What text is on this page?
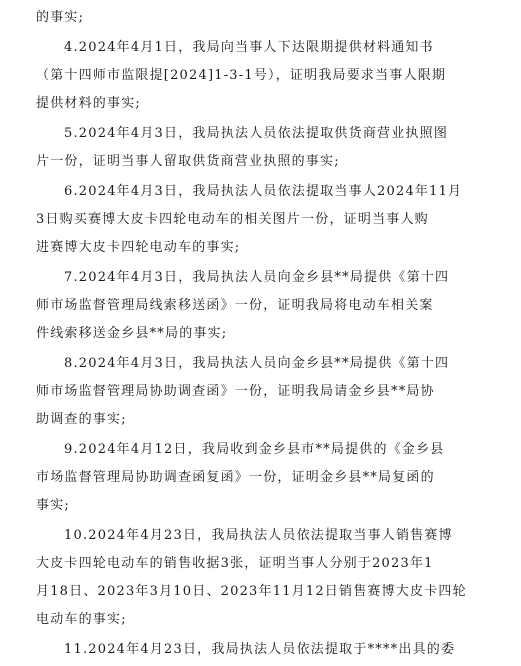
的事实;
4.2024年4月1日，我局向当事人下达限期提供材料通知书
（第十四师市监限提[2024]1-3-1号），证明我局要求当事人限期
提供材料的事实;
5.2024年4月3日，我局执法人员依法提取供货商营业执照图
片一份，证明当事人留取供货商营业执照的事实;
6.2024年4月3日，我局执法人员依法提取当事人2024年11月
3日购买赛博大皮卡四轮电动车的相关图片一份，证明当事人购
进赛博大皮卡四轮电动车的事实;
7.2024年4月3日，我局执法人员向金乡县**局提供《第十四
师市场监督管理局线索移送函》一份，证明我局将电动车相关案
件线索移送金乡县**局的事实;
8.2024年4月3日，我局执法人员向金乡县**局提供《第十四
师市场监督管理局协助调查函》一份，证明我局请金乡县**局协
助调查的事实;
9.2024年4月12日，我局收到金乡县市**局提供的《金乡县
市场监督管理局协助调查函复函》一份，证明金乡县**局复函的
事实;
10.2024年4月23日，我局执法人员依法提取当事人销售赛博
大皮卡四轮电动车的销售收据3张，证明当事人分别于2023年1
月18日、2023年3月10日、2023年11月12日销售赛博大皮卡四轮
电动车的事实;
11.2024年4月23日，我局执法人员依法提取于****出具的委
